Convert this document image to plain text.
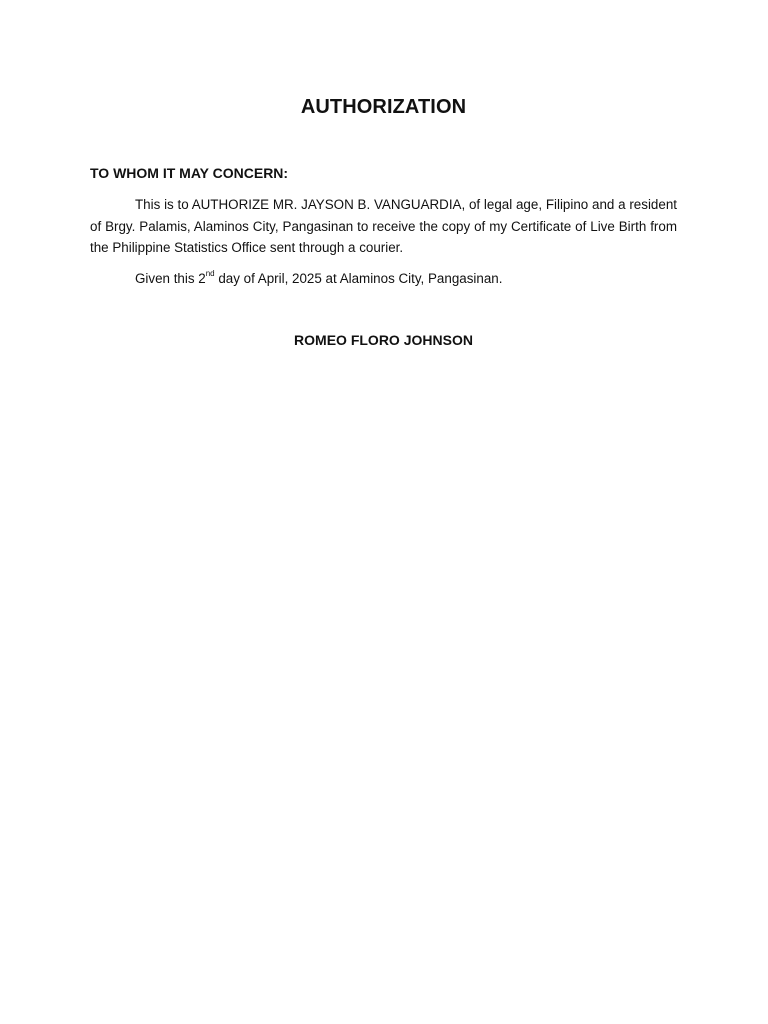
AUTHORIZATION

TO WHOM IT MAY CONCERN:

This is to AUTHORIZE MR. JAYSON B. VANGUARDIA, of legal age, Filipino and a resident of Brgy. Palamis, Alaminos City, Pangasinan to receive the copy of my Certificate of Live Birth from the Philippine Statistics Office sent through a courier.

Given this 2nd day of April, 2025 at Alaminos City, Pangasinan.

ROMEO FLORO JOHNSON
